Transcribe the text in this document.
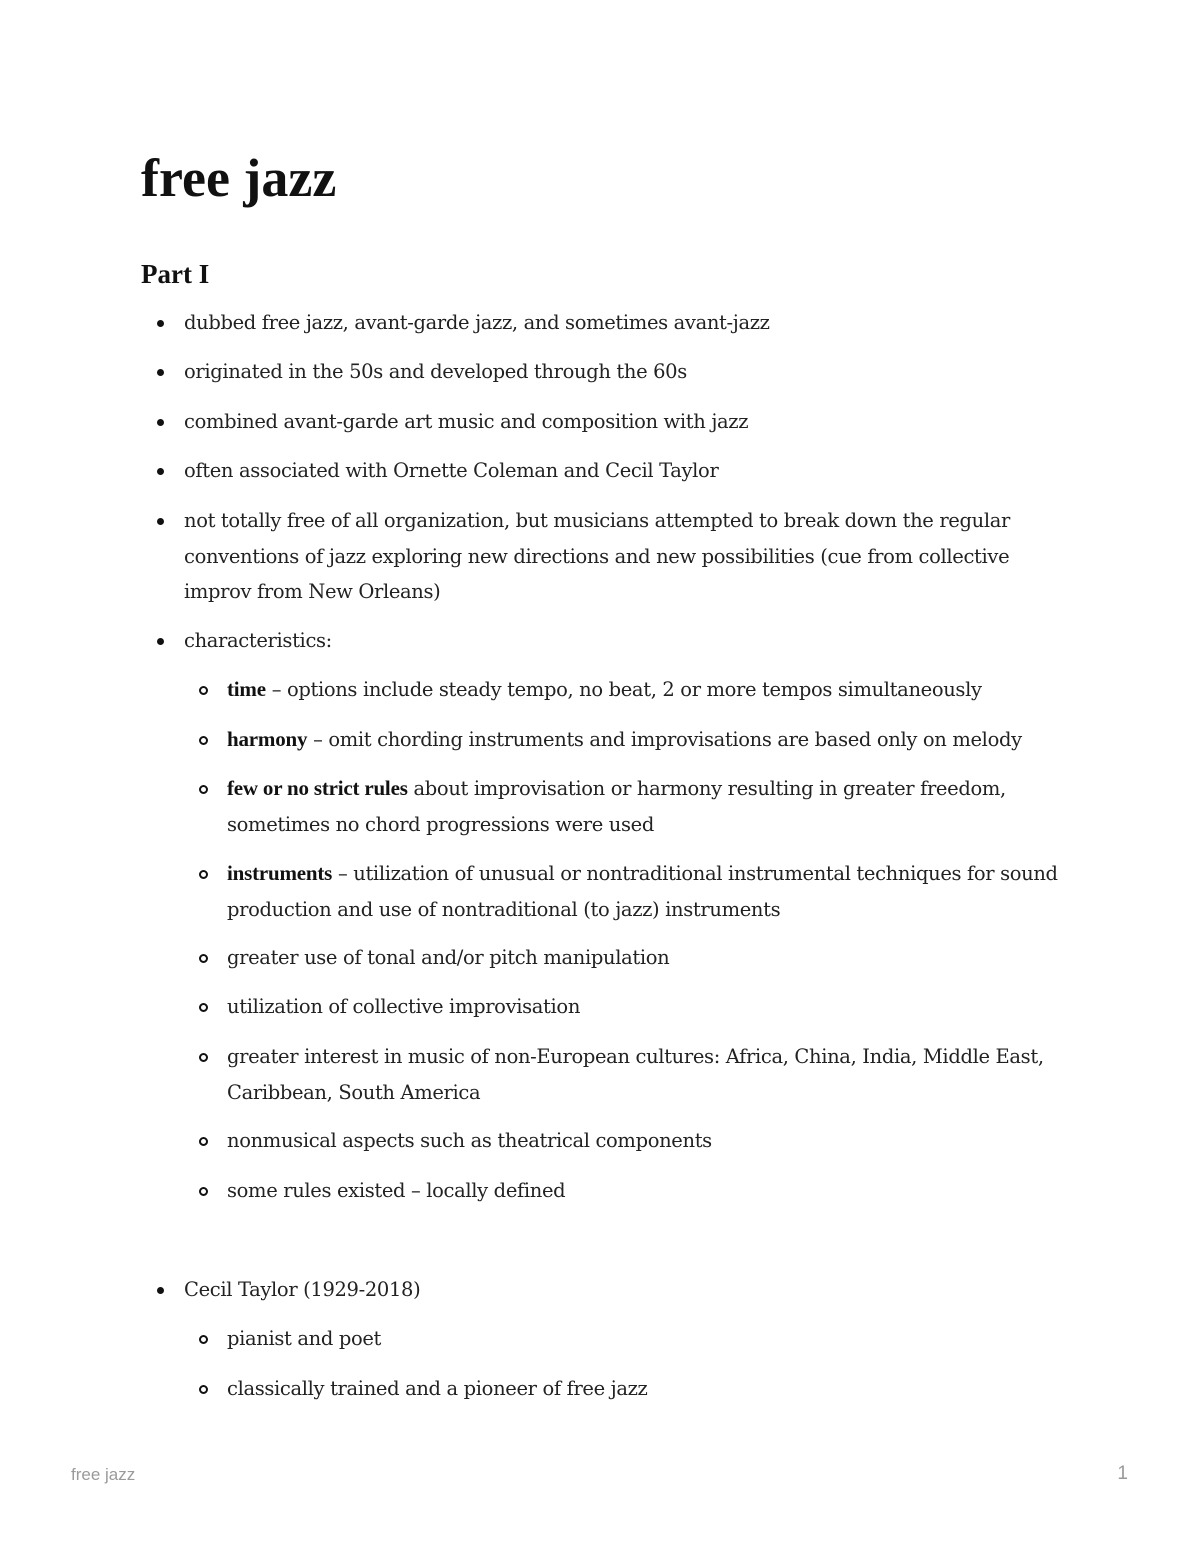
free jazz
Part I
dubbed free jazz, avant-garde jazz, and sometimes avant-jazz
originated in the 50s and developed through the 60s
combined avant-garde art music and composition with jazz
often associated with Ornette Coleman and Cecil Taylor
not totally free of all organization, but musicians attempted to break down the regular conventions of jazz exploring new directions and new possibilities (cue from collective improv from New Orleans)
characteristics:
time – options include steady tempo, no beat, 2 or more tempos simultaneously
harmony – omit chording instruments and improvisations are based only on melody
few or no strict rules about improvisation or harmony resulting in greater freedom, sometimes no chord progressions were used
instruments – utilization of unusual or nontraditional instrumental techniques for sound production and use of nontraditional (to jazz) instruments
greater use of tonal and/or pitch manipulation
utilization of collective improvisation
greater interest in music of non-European cultures: Africa, China, India, Middle East, Caribbean, South America
nonmusical aspects such as theatrical components
some rules existed – locally defined
Cecil Taylor (1929-2018)
pianist and poet
classically trained and a pioneer of free jazz
free jazz	1
